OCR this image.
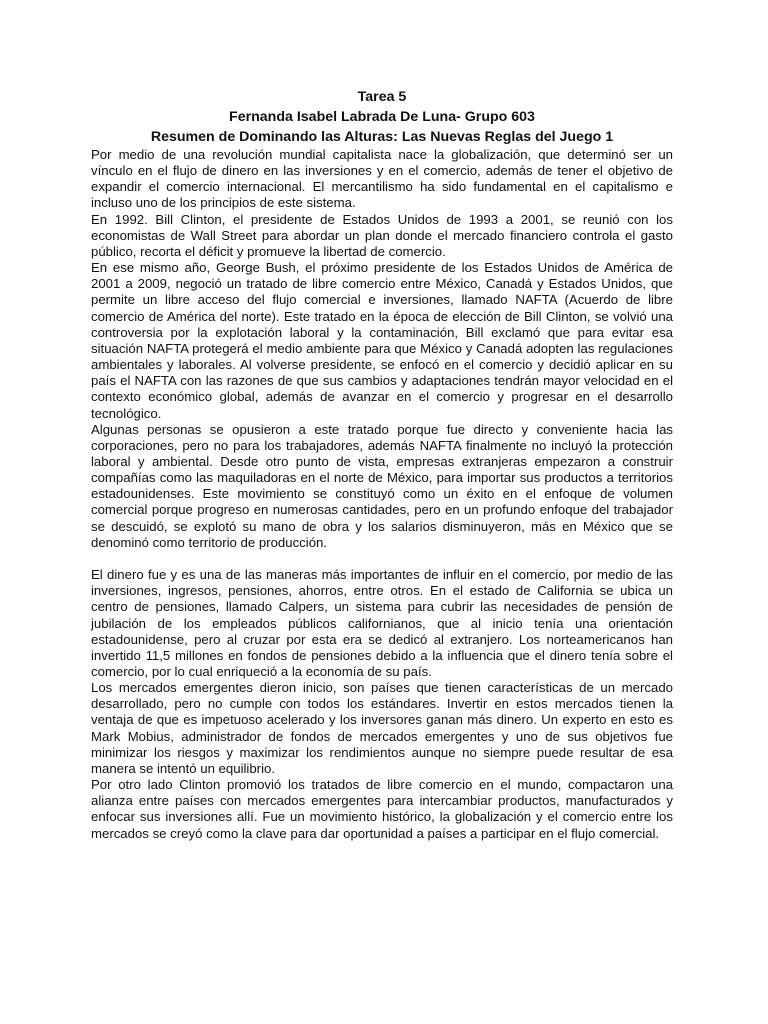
Tarea 5

Fernanda Isabel Labrada De Luna- Grupo 603

Resumen de Dominando las Alturas: Las Nuevas Reglas del Juego 1

Por medio de una revolución mundial capitalista nace la globalización, que determinó ser un vínculo en el flujo de dinero en las inversiones y en el comercio, además de tener el objetivo de expandir el comercio internacional. El mercantilismo ha sido fundamental en el capitalismo e incluso uno de los principios de este sistema.

En 1992. Bill Clinton, el presidente de Estados Unidos de 1993 a 2001, se reunió con los economistas de Wall Street para abordar un plan donde el mercado financiero controla el gasto público, recorta el déficit y promueve la libertad de comercio.

En ese mismo año, George Bush, el próximo presidente de los Estados Unidos de América de 2001 a 2009, negoció un tratado de libre comercio entre México, Canadá y Estados Unidos, que permite un libre acceso del flujo comercial e inversiones, llamado NAFTA (Acuerdo de libre comercio de América del norte). Este tratado en la época de elección de Bill Clinton, se volvió una controversia por la explotación laboral y la contaminación, Bill exclamó que para evitar esa situación NAFTA protegerá el medio ambiente para que México y Canadá adopten las regulaciones ambientales y laborales. Al volverse presidente, se enfocó en el comercio y decidió aplicar en su país el NAFTA con las razones de que sus cambios y adaptaciones tendrán mayor velocidad en el contexto económico global, además de avanzar en el comercio y progresar en el desarrollo tecnológico.

Algunas personas se opusieron a este tratado porque fue directo y conveniente hacia las corporaciones, pero no para los trabajadores, además NAFTA finalmente no incluyó la protección laboral y ambiental. Desde otro punto de vista, empresas extranjeras empezaron a construir compañías como las maquiladoras en el norte de México, para importar sus productos a territorios estadounidenses. Este movimiento se constituyó como un éxito en el enfoque de volumen comercial porque progreso en numerosas cantidades, pero en un profundo enfoque del trabajador se descuidó, se explotó su mano de obra y los salarios disminuyeron, más en México que se denominó como territorio de producción.

El dinero fue y es una de las maneras más importantes de influir en el comercio, por medio de las inversiones, ingresos, pensiones, ahorros, entre otros. En el estado de California se ubica un centro de pensiones, llamado Calpers, un sistema para cubrir las necesidades de pensión de jubilación de los empleados públicos californianos, que al inicio tenía una orientación estadounidense, pero al cruzar por esta era se dedicó al extranjero. Los norteamericanos han invertido 11,5 millones en fondos de pensiones debido a la influencia que el dinero tenía sobre el comercio, por lo cual enriqueció a la economía de su país.

Los mercados emergentes dieron inicio, son países que tienen características de un mercado desarrollado, pero no cumple con todos los estándares. Invertir en estos mercados tienen la ventaja de que es impetuoso acelerado y los inversores ganan más dinero. Un experto en esto es Mark Mobius, administrador de fondos de mercados emergentes y uno de sus objetivos fue minimizar los riesgos y maximizar los rendimientos aunque no siempre puede resultar de esa manera se intentó un equilibrio.

Por otro lado Clinton promovió los tratados de libre comercio en el mundo, compactaron una alianza entre países con mercados emergentes para intercambiar productos, manufacturados y enfocar sus inversiones allí. Fue un movimiento histórico, la globalización y el comercio entre los mercados se creyó como la clave para dar oportunidad a países a participar en el flujo comercial.
